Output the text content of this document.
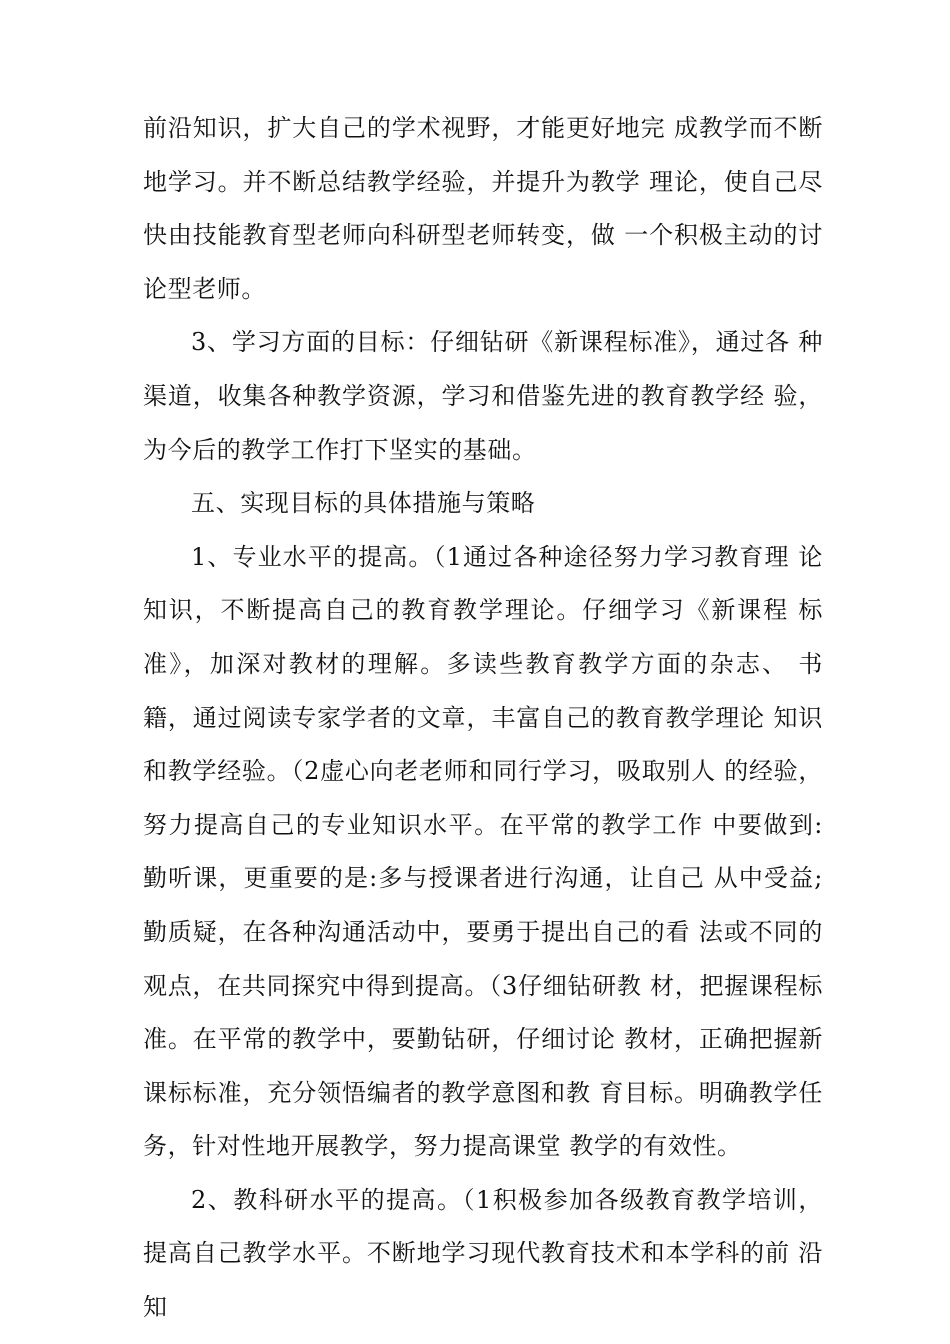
前沿知识，扩大自己的学术视野，才能更好地完 成教学而不断地学习。并不断总结教学经验，并提升为教学 理论，使自己尽快由技能教育型老师向科研型老师转变，做 一个积极主动的讨论型老师。

3、学习方面的目标：仔细钻研《新课程标准》，通过各 种渠道，收集各种教学资源，学习和借鉴先进的教育教学经 验，为今后的教学工作打下坚实的基础。

五、实现目标的具体措施与策略

1、专业水平的提高。（1通过各种途径努力学习教育理 论知识，不断提高自己的教育教学理论。仔细学习《新课程 标准》，加深对教材的理解。多读些教育教学方面的杂志、 书籍，通过阅读专家学者的文章，丰富自己的教育教学理论 知识和教学经验。（2虚心向老老师和同行学习，吸取别人 的经验，努力提高自己的专业知识水平。在平常的教学工作 中要做到:勤听课，更重要的是:多与授课者进行沟通，让自己 从中受益;勤质疑，在各种沟通活动中，要勇于提出自己的看 法或不同的观点，在共同探究中得到提高。（3仔细钻研教 材，把握课程标准。在平常的教学中，要勤钻研，仔细讨论 教材，正确把握新课标标准，充分领悟编者的教学意图和教 育目标。明确教学任务，针对性地开展教学，努力提高课堂 教学的有效性。

2、教科研水平的提高。（1积极参加各级教育教学培训， 提高自己教学水平。不断地学习现代教育技术和本学科的前 沿知
